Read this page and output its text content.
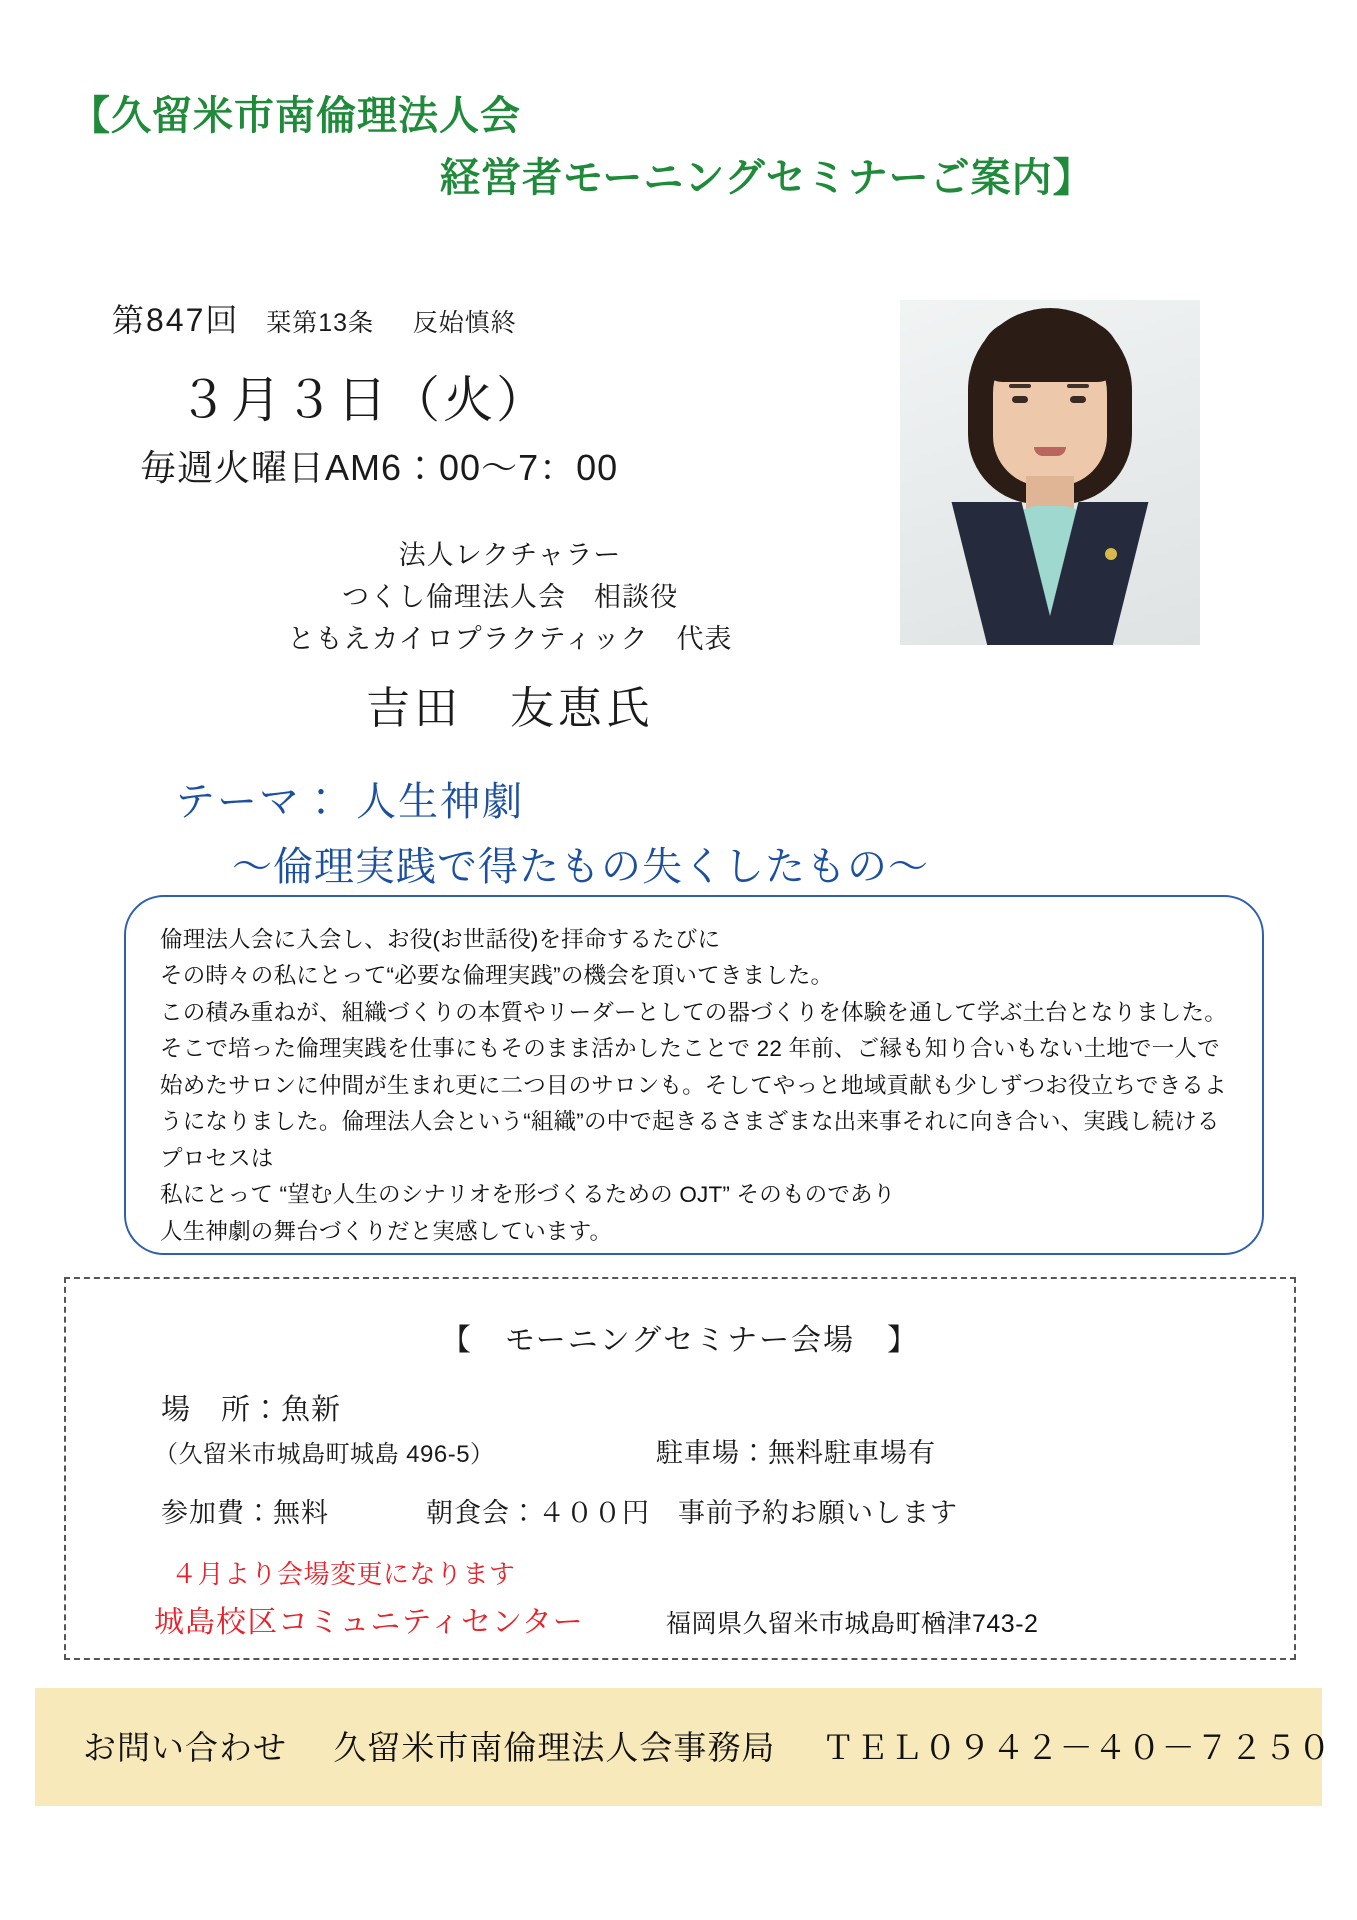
【久留米市南倫理法人会
経営者モーニングセミナーご案内】
第847回 栞第13条 反始慎終
３月３日（火）
毎週火曜日AM6：00〜7：00
法人レクチャラー
つくし倫理法人会　相談役
ともえカイロプラクティック　代表
吉田　友恵氏
テーマ： 人生神劇
〜倫理実践で得たもの失くしたもの〜

倫理法人会に入会し、お役(お世話役)を拝命するたびに

その時々の私にとって“必要な倫理実践”の機会を頂いてきました。

この積み重ねが、組織づくりの本質やリーダーとしての器づくりを体験を通して学ぶ土台となりました。そこで培った倫理実践を仕事にもそのまま活かしたことで 22 年前、ご縁も知り合いもない土地で一人で始めたサロンに仲間が生まれ更に二つ目のサロンも。そしてやっと地域貢献も少しずつお役立ちできるようになりました。倫理法人会という“組織”の中で起きるさまざまな出来事それに向き合い、実践し続けるプロセスは

私にとって “望む人生のシナリオを形づくるための OJT” そのものであり

人生神劇の舞台づくりだと実感しています。

【　モーニングセミナー会場　】
場　所：魚新
（久留米市城島町城島 496-5）	駐車場：無料駐車場有
参加費：無料	朝食会：４００円　事前予約お願いします
４月より会場変更になります
城島校区コミュニティセンター	福岡県久留米市城島町楢津743-2
お問い合わせ 久留米市南倫理法人会事務局 ＴＥＬ０９４２－４０－７２５０
